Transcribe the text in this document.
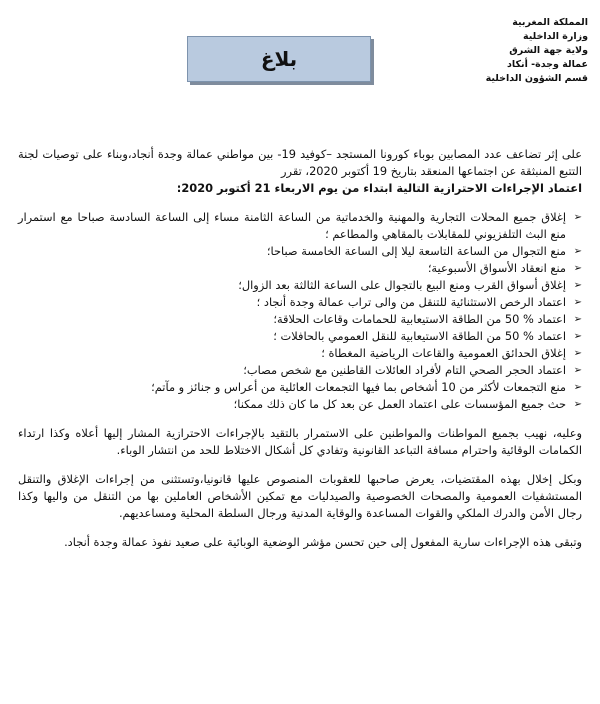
المملكة المغربية
وزارة الداخلية
ولاية جهة الشرق
عمالة وجدة- أنكاد
قسم الشؤون الداخلية
بلاغ

على إثر تضاعف عدد المصابين بوباء كورونا المستجد –كوفيد 19- بين مواطني عمالة وجدة أنجاد،وبناء على توصيات لجنة التتبع المنبثقة عن اجتماعها المنعقد بتاريخ 19 أكتوبر 2020، تقرر

اعتماد الإجراءات الاحترازية التالية ابتداء من يوم الاربعاء 21 أكتوبر 2020:

➢ إغلاق جميع المحلات التجارية والمهنية والخدماتية من الساعة الثامنة مساء إلى الساعة السادسة صباحا مع استمرار منع البث التلفزيوني للمقابلات بالمقاهي والمطاعم ؛
➢ منع التجوال من الساعة التاسعة ليلا إلى الساعة الخامسة صباحا؛
➢ منع انعقاد الأسواق الأسبوعية؛
➢ إغلاق أسواق القرب ومنع البيع بالتجوال على الساعة الثالثة بعد الزوال؛
➢ اعتماد الرخص الاستثنائية للتنقل من والى تراب عمالة وجدة أنجاد ؛
➢ اعتماد % 50 من الطاقة الاستيعابية للحمامات وقاعات الحلاقة؛
➢ اعتماد % 50 من الطاقة الاستيعابية للنقل العمومي بالحافلات ؛
➢ إغلاق الحدائق العمومية والقاعات الرياضية المغطاة ؛
➢ اعتماد الحجر الصحي التام لأفراد العائلات القاطنين مع شخص مصاب؛
➢ منع التجمعات لأكثر من 10 أشخاص بما فيها التجمعات العائلية من أعراس و جنائز و مآتم؛
➢ حث جميع المؤسسات على اعتماد العمل عن بعد كل ما كان ذلك ممكنا؛

وعليه، نهيب بجميع المواطنات والمواطنين على الاستمرار بالتقيد بالإجراءات الاحترازية المشار إليها أعلاه وكذا ارتداء الكمامات الوقائية واحترام مسافة التباعد القانونية وتفادي كل أشكال الاختلاط للحد من انتشار الوباء.

وبكل إخلال بهذه المقتضيات، يعرض صاحبها للعقوبات المنصوص عليها قانونيا،وتستثنى من إجراءات الإغلاق والتنقل المستشفيات العمومية والمصحات الخصوصية والصيدليات مع تمكين الأشخاص العاملين بها من التنقل من واليها وكذا رجال الأمن والدرك الملكي والقوات المساعدة والوقاية المدنية ورجال السلطة المحلية ومساعديهم.

وتبقى هذه الإجراءات سارية المفعول إلى حين تحسن مؤشر الوضعية الوبائية على صعيد نفوذ عمالة وجدة أنجاد.
